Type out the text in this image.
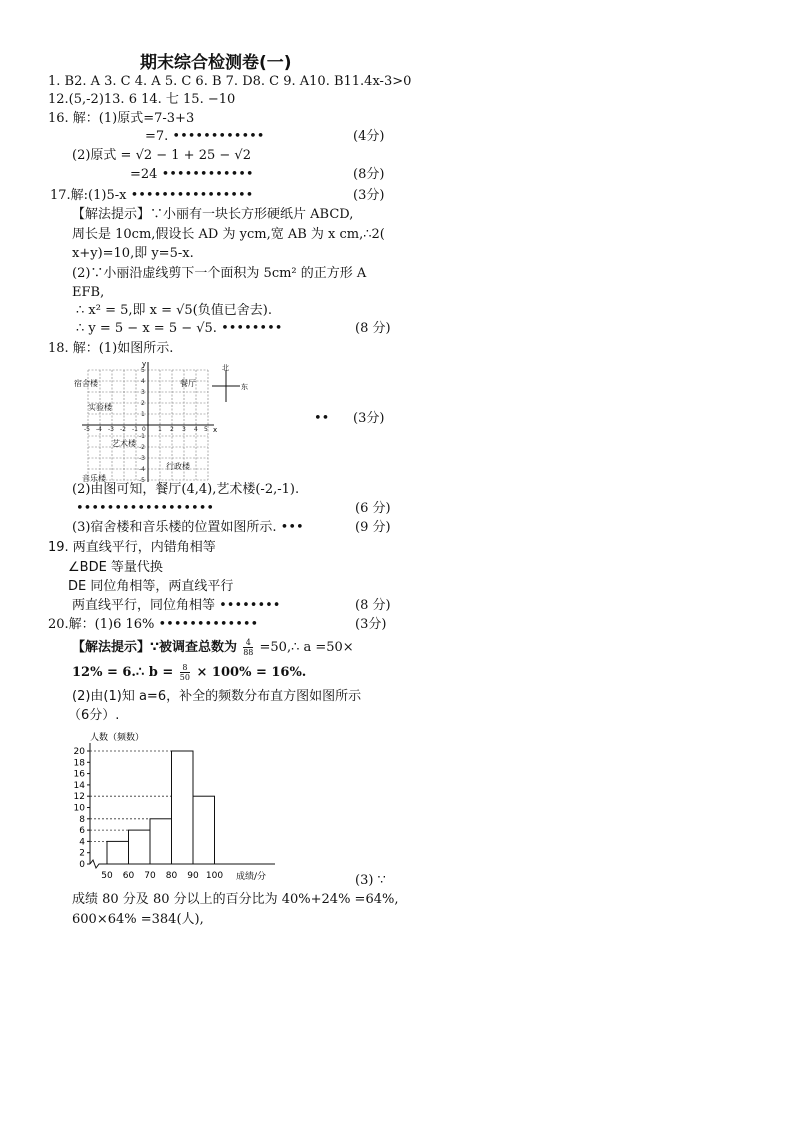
期末综合检测卷(一)
1. B2. A 3. C 4. A 5. C 6. B 7. D8. C 9. A10. B11.4x-3>0
12.(5,-2)13. 6 14. 七 15. −10
16. 解：(1)原式=7-3+3
=7. ••••••••••••	(4分)
(2)原式 = √2 − 1 + 25 − √2
=24 ••••••••••••	(8分)
17.解:(1)5-x ••••••••••••••••	(3分)
【解法提示】∵小丽有一块长方形硬纸片 ABCD,
周长是 10cm,假设长 AD 为 ycm,宽 AB 为 x cm,∴2(
x+y)=10,即 y=5-x.
(2)∵小丽沿虚线剪下一个面积为 5cm² 的正方形 A
EFB,
∴ x² = 5,即 x = √5(负值已舍去).
∴ y = 5 − x = 5 − √5. ••••••••	(8 分)
18. 解：(1)如图所示.
x
y
-5 -4 -3 -2 -1 0 1 2 3 4 5
5
4
3
2
1
-1
-2
-3
-4
-5
宿舍楼
实验楼
餐厅
艺术楼
行政楼
音乐楼
北
东
•• (3分)
(2)由图可知，餐厅(4,4),艺术楼(-2,-1).
••••••••••••••••••	(6 分)
(3)宿舍楼和音乐楼的位置如图所示. •••	(9 分)
19. 两直线平行，内错角相等
∠BDE 等量代换
DE 同位角相等，两直线平行
两直线平行，同位角相等 ••••••••	(8 分)
20.解：(1)6 16% •••••••••••••	(3分)
【解法提示】∵被调查总数为 $\frac{4}{88}$ =50,∴ a =50×
12% = 6.∴ $b = \frac{8}{50} \times 100\% = 16\%$.
(2)由(1)知 a=6，补全的频数分布直方图如图所示
（6分）.
人数（频数）
成绩/分
0
2
4
6
8
10
12
14
16
18
20
50 60 70 80 90 100	(3) ∵
成绩 80 分及 80 分以上的百分比为 40%+24% =64%,
600×64% =384(人),
